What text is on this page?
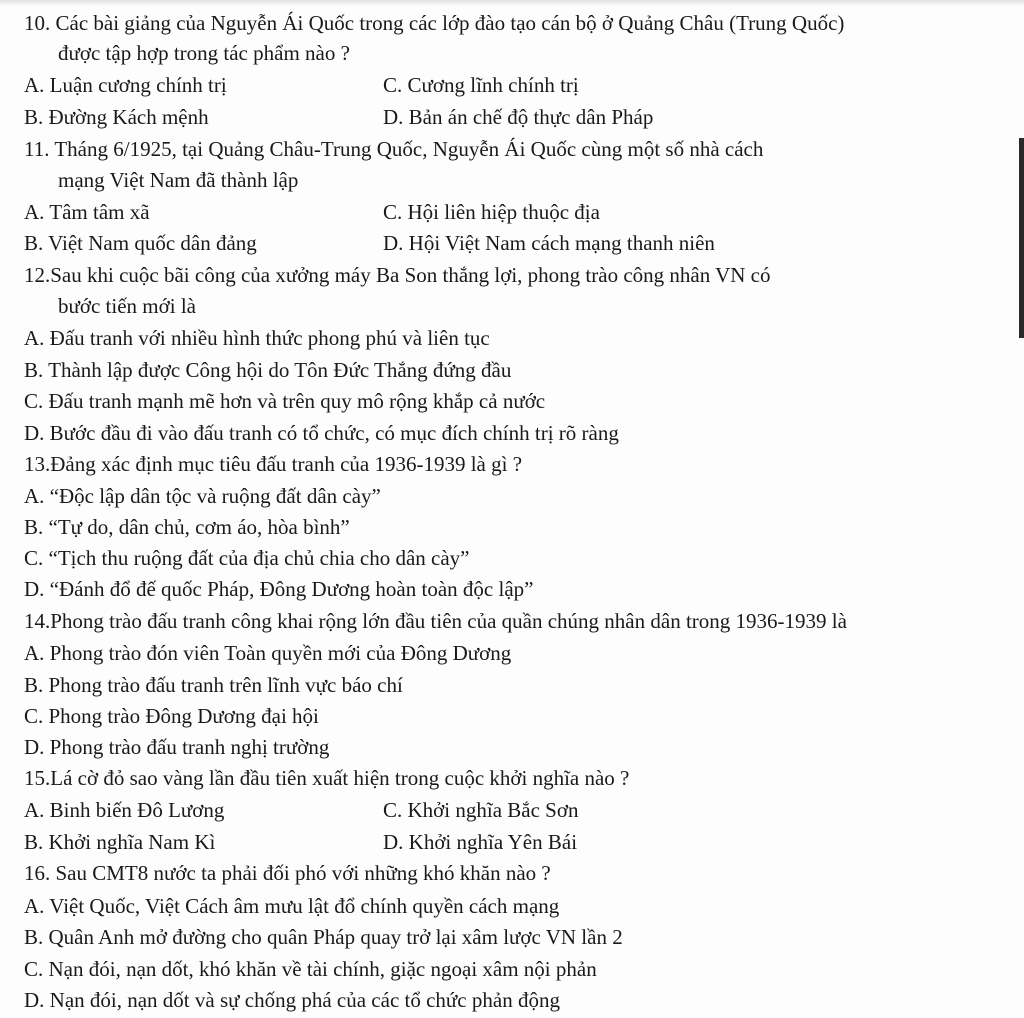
10. Các bài giảng của Nguyễn Ái Quốc trong các lớp đào tạo cán bộ ở Quảng Châu (Trung Quốc)
được tập hợp trong tác phẩm nào ?
A. Luận cương chính trị	C. Cương lĩnh chính trị
B. Đường Kách mệnh	D. Bản án chế độ thực dân Pháp
11. Tháng 6/1925, tại Quảng Châu-Trung Quốc, Nguyễn Ái Quốc cùng một số nhà cách
mạng Việt Nam đã thành lập
A. Tâm tâm xã	C. Hội liên hiệp thuộc địa
B. Việt Nam quốc dân đảng	D. Hội Việt Nam cách mạng thanh niên
12.Sau khi cuộc bãi công của xưởng máy Ba Son thắng lợi, phong trào công nhân VN có
bước tiến mới là
A. Đấu tranh với nhiều hình thức phong phú và liên tục
B. Thành lập được Công hội do Tôn Đức Thắng đứng đầu
C. Đấu tranh mạnh mẽ hơn và trên quy mô rộng khắp cả nước
D. Bước đầu đi vào đấu tranh có tổ chức, có mục đích chính trị rõ ràng
13.Đảng xác định mục tiêu đấu tranh của 1936-1939 là gì ?
A. “Độc lập dân tộc và ruộng đất dân cày”
B. “Tự do, dân chủ, cơm áo, hòa bình”
C. “Tịch thu ruộng đất của địa chủ chia cho dân cày”
D. “Đánh đổ đế quốc Pháp, Đông Dương hoàn toàn độc lập”
14.Phong trào đấu tranh công khai rộng lớn đầu tiên của quần chúng nhân dân trong 1936-1939 là
A. Phong trào đón viên Toàn quyền mới của Đông Dương
B. Phong trào đấu tranh trên lĩnh vực báo chí
C. Phong trào Đông Dương đại hội
D. Phong trào đấu tranh nghị trường
15.Lá cờ đỏ sao vàng lần đầu tiên xuất hiện trong cuộc khởi nghĩa nào ?
A. Binh biến Đô Lương	C. Khởi nghĩa Bắc Sơn
B. Khởi nghĩa Nam Kì	D. Khởi nghĩa Yên Bái
16. Sau CMT8 nước ta phải đối phó với những khó khăn nào ?
A. Việt Quốc, Việt Cách âm mưu lật đổ chính quyền cách mạng
B. Quân Anh mở đường cho quân Pháp quay trở lại xâm lược VN lần 2
C. Nạn đói, nạn dốt, khó khăn về tài chính, giặc ngoại xâm nội phản
D. Nạn đói, nạn dốt và sự chống phá của các tổ chức phản động
